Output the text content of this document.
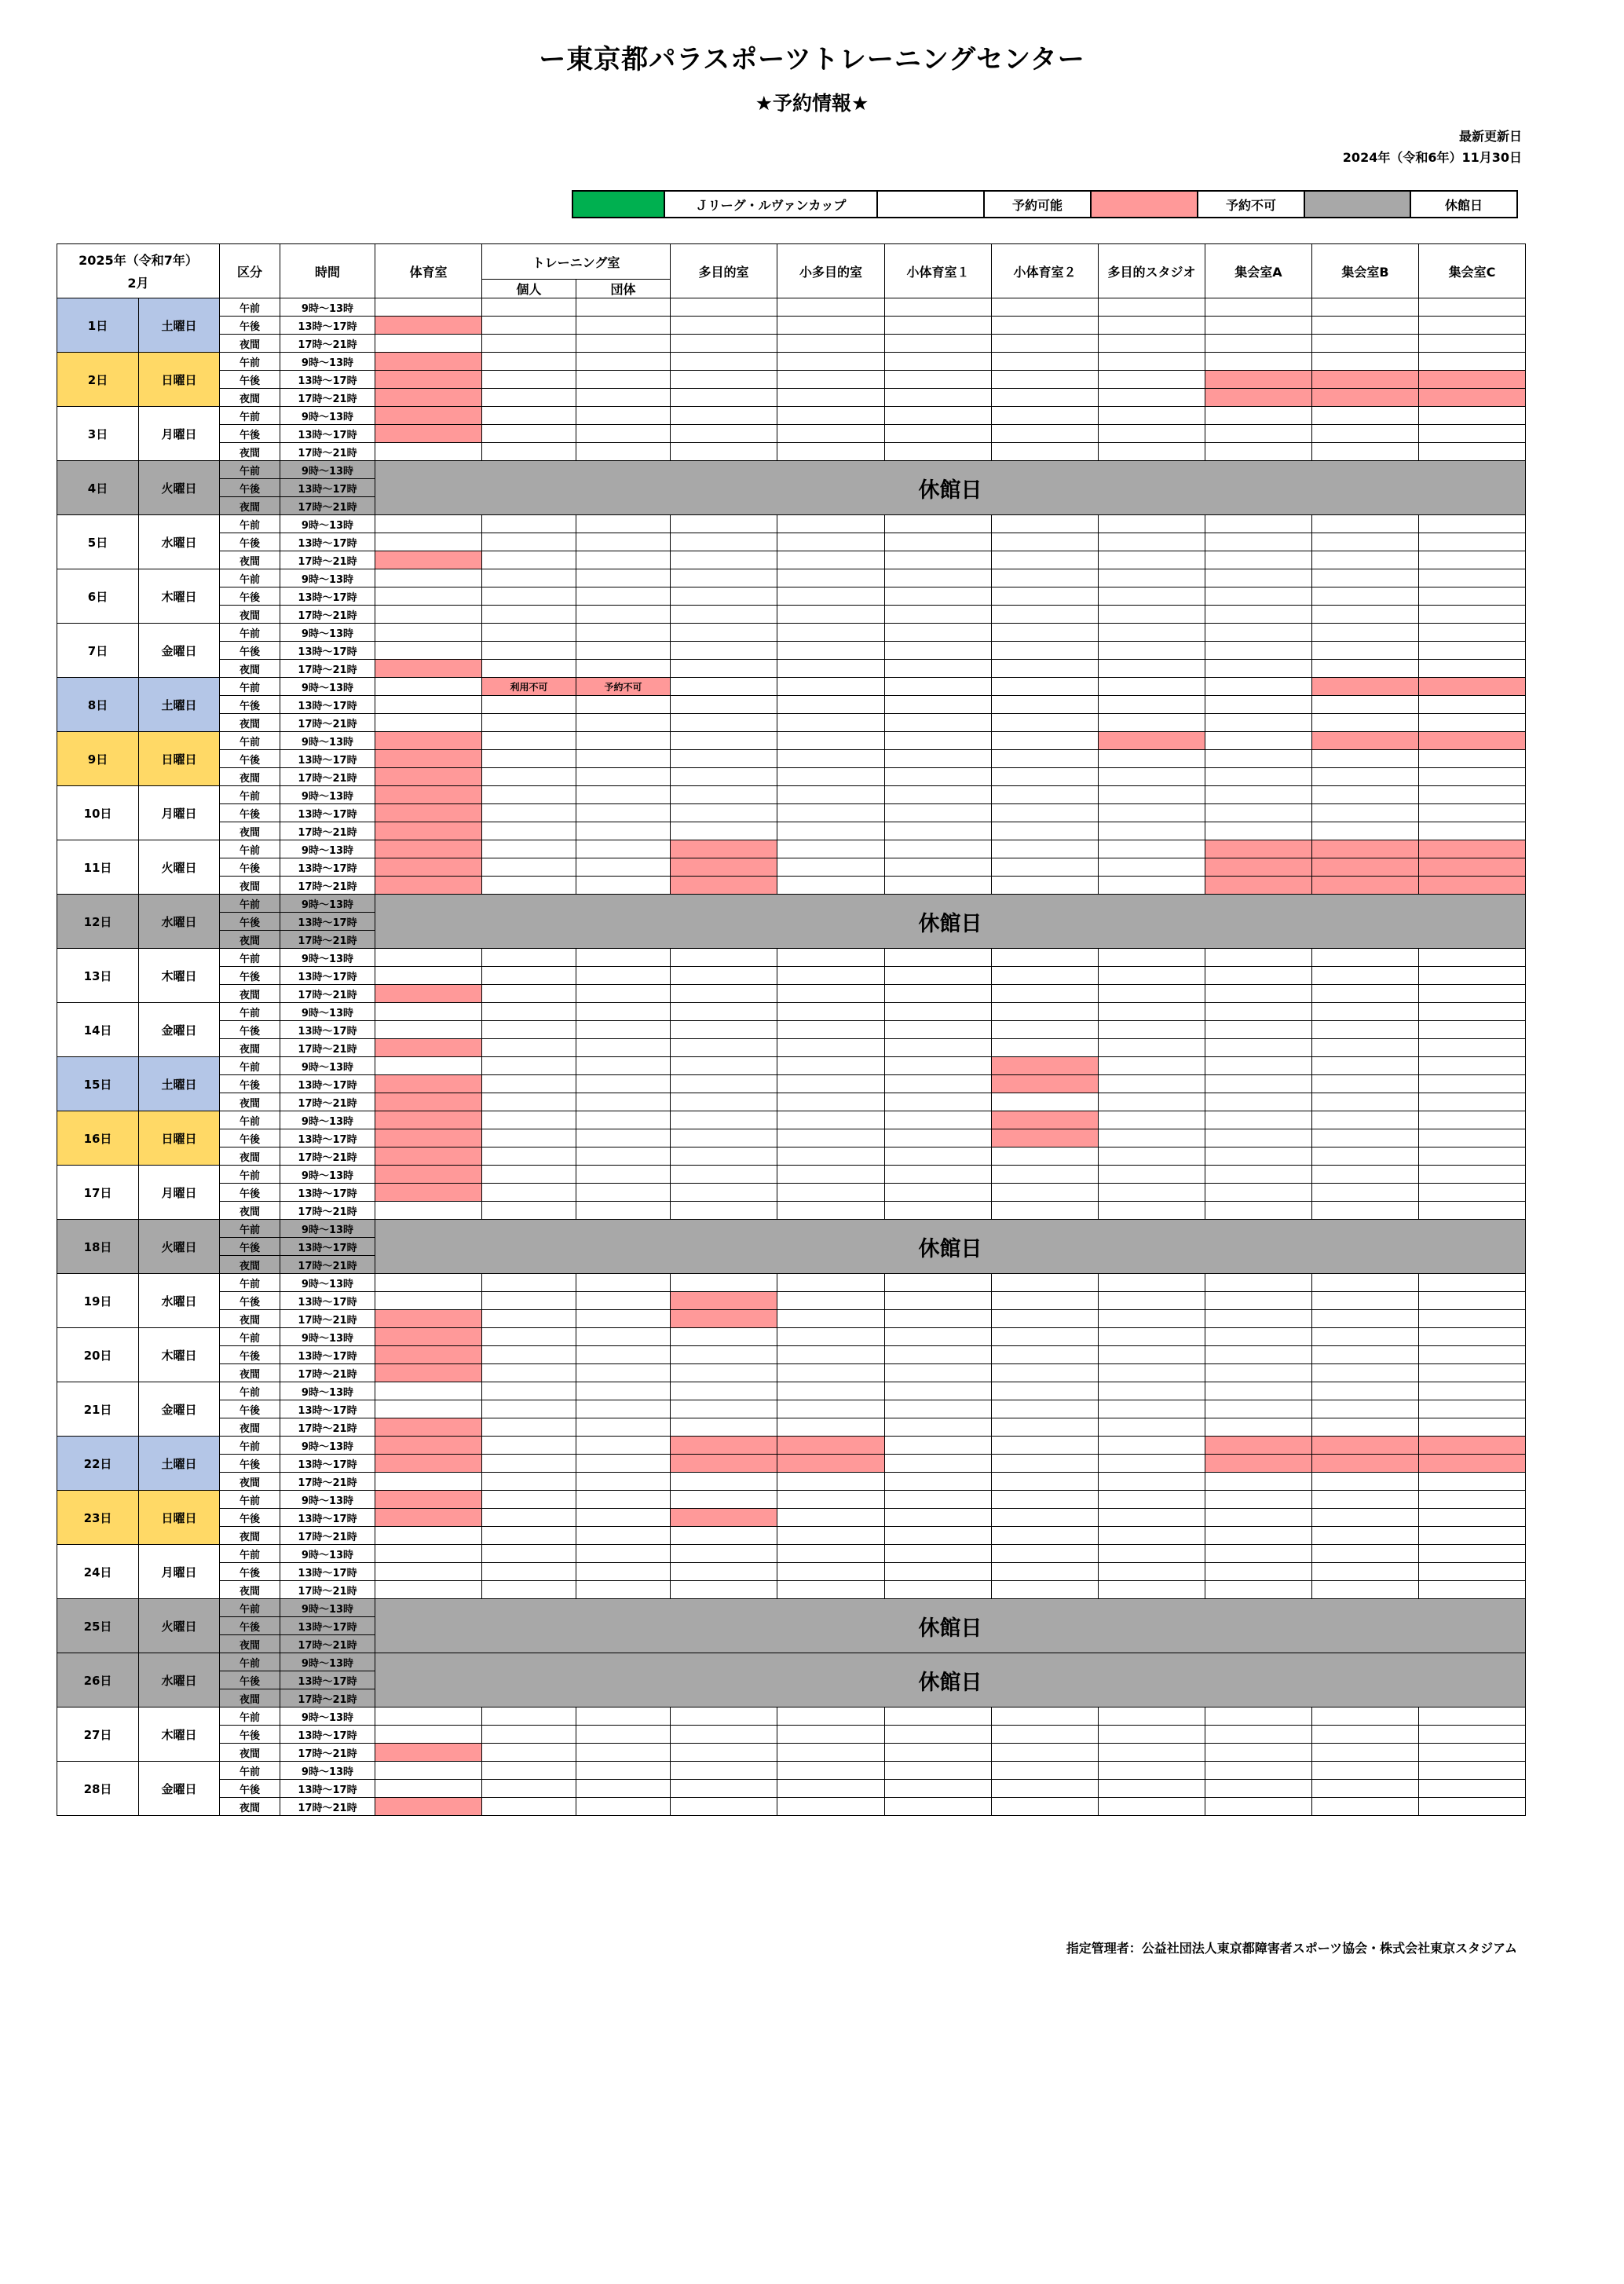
ー東京都パラスポーツトレーニングセンター
★予約情報★
最新更新日
2024年（令和6年）11月30日
	Ｊリーグ・ルヴァンカップ		予約可能		予約不可		休館日
2025年（令和7年）
2月		区分	時間	体育室	トレーニング室		多目的室	小多目的室	小体育室１	小体育室２	多目的スタジオ	集会室A	集会室B	集会室C
					個人	団体								
1日	土曜日	午前	9時～13時											
		午後	13時～17時											
		夜間	17時～21時											
2日	日曜日	午前	9時～13時											
		午後	13時～17時											
		夜間	17時～21時											
3日	月曜日	午前	9時～13時											
		午後	13時～17時											
		夜間	17時～21時											
4日	火曜日	午前	9時～13時	休館日										
		午後	13時～17時											
		夜間	17時～21時											
5日	水曜日	午前	9時～13時											
		午後	13時～17時											
		夜間	17時～21時											
6日	木曜日	午前	9時～13時											
		午後	13時～17時											
		夜間	17時～21時											
7日	金曜日	午前	9時～13時											
		午後	13時～17時											
		夜間	17時～21時											
8日	土曜日	午前	9時～13時		利用不可	予約不可								
		午後	13時～17時											
		夜間	17時～21時											
9日	日曜日	午前	9時～13時											
		午後	13時～17時											
		夜間	17時～21時											
10日	月曜日	午前	9時～13時											
		午後	13時～17時											
		夜間	17時～21時											
11日	火曜日	午前	9時～13時											
		午後	13時～17時											
		夜間	17時～21時											
12日	水曜日	午前	9時～13時	休館日										
		午後	13時～17時											
		夜間	17時～21時											
13日	木曜日	午前	9時～13時											
		午後	13時～17時											
		夜間	17時～21時											
14日	金曜日	午前	9時～13時											
		午後	13時～17時											
		夜間	17時～21時											
15日	土曜日	午前	9時～13時											
		午後	13時～17時											
		夜間	17時～21時											
16日	日曜日	午前	9時～13時											
		午後	13時～17時											
		夜間	17時～21時											
17日	月曜日	午前	9時～13時											
		午後	13時～17時											
		夜間	17時～21時											
18日	火曜日	午前	9時～13時	休館日										
		午後	13時～17時											
		夜間	17時～21時											
19日	水曜日	午前	9時～13時											
		午後	13時～17時											
		夜間	17時～21時											
20日	木曜日	午前	9時～13時											
		午後	13時～17時											
		夜間	17時～21時											
21日	金曜日	午前	9時～13時											
		午後	13時～17時											
		夜間	17時～21時											
22日	土曜日	午前	9時～13時											
		午後	13時～17時											
		夜間	17時～21時											
23日	日曜日	午前	9時～13時											
		午後	13時～17時											
		夜間	17時～21時											
24日	月曜日	午前	9時～13時											
		午後	13時～17時											
		夜間	17時～21時											
25日	火曜日	午前	9時～13時	休館日										
		午後	13時～17時											
		夜間	17時～21時											
26日	水曜日	午前	9時～13時	休館日										
		午後	13時～17時											
		夜間	17時～21時											
27日	木曜日	午前	9時～13時											
		午後	13時～17時											
		夜間	17時～21時											
28日	金曜日	午前	9時～13時											
		午後	13時～17時											
		夜間	17時～21時											
指定管理者：公益社団法人東京都障害者スポーツ協会・株式会社東京スタジアム
